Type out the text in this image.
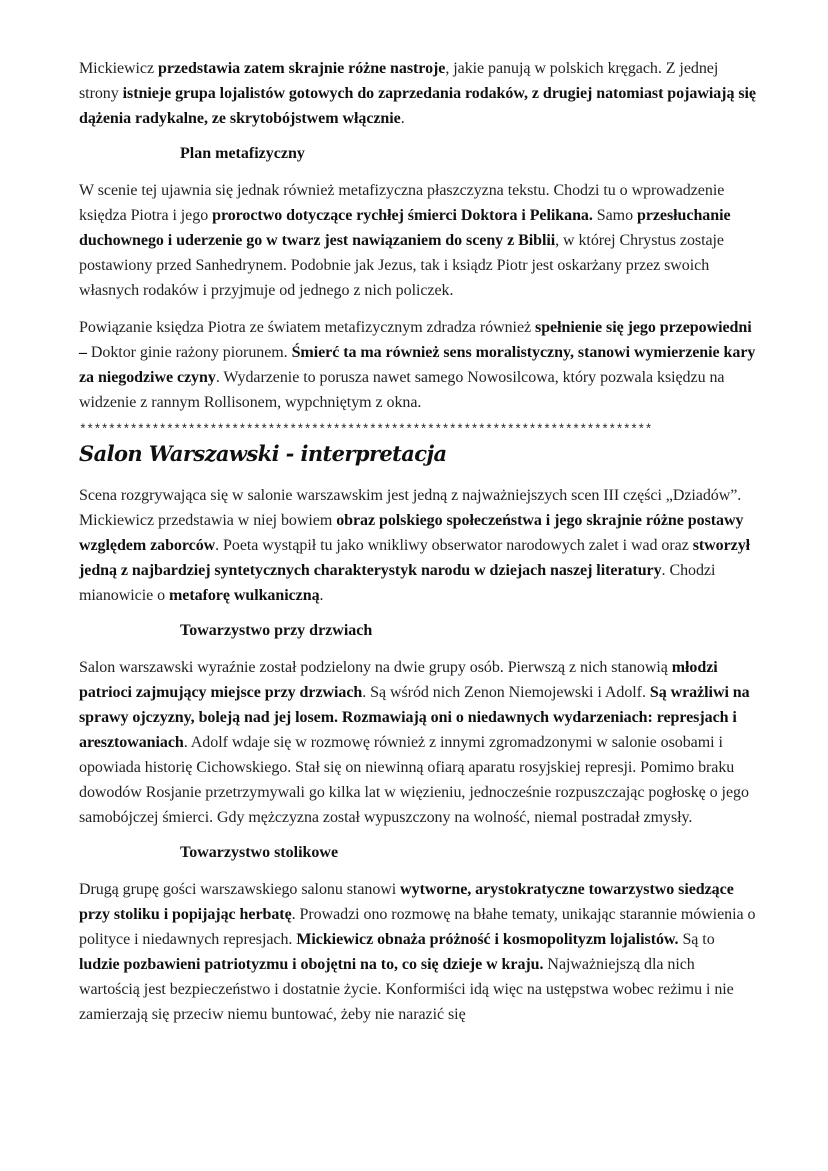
Mickiewicz przedstawia zatem skrajnie różne nastroje, jakie panują w polskich kręgach. Z jednej strony istnieje grupa lojalistów gotowych do zaprzedania rodaków, z drugiej natomiast pojawiają się dążenia radykalne, ze skrytobójstwem włącznie.

Plan metafizyczny

W scenie tej ujawnia się jednak również metafizyczna płaszczyzna tekstu. Chodzi tu o wprowadzenie księdza Piotra i jego proroctwo dotyczące rychłej śmierci Doktora i Pelikana. Samo przesłuchanie duchownego i uderzenie go w twarz jest nawiązaniem do sceny z Biblii, w której Chrystus zostaje postawiony przed Sanhedrynem. Podobnie jak Jezus, tak i ksiądz Piotr jest oskarżany przez swoich własnych rodaków i przyjmuje od jednego z nich policzek.

Powiązanie księdza Piotra ze światem metafizycznym zdradza również spełnienie się jego przepowiedni – Doktor ginie rażony piorunem. Śmierć ta ma również sens moralistyczny, stanowi wymierzenie kary za niegodziwe czyny. Wydarzenie to porusza nawet samego Nowosilcowa, który pozwala księdzu na widzenie z rannym Rollisonem, wypchniętym z okna.

*******************************************************************************
Salon Warszawski - interpretacja

Scena rozgrywająca się w salonie warszawskim jest jedną z najważniejszych scen III części „Dziadów”. Mickiewicz przedstawia w niej bowiem obraz polskiego społeczeństwa i jego skrajnie różne postawy względem zaborców. Poeta wystąpił tu jako wnikliwy obserwator narodowych zalet i wad oraz stworzył jedną z najbardziej syntetycznych charakterystyk narodu w dziejach naszej literatury. Chodzi mianowicie o metaforę wulkaniczną.

Towarzystwo przy drzwiach

Salon warszawski wyraźnie został podzielony na dwie grupy osób. Pierwszą z nich stanowią młodzi patrioci zajmujący miejsce przy drzwiach. Są wśród nich Zenon Niemojewski i Adolf. Są wrażliwi na sprawy ojczyzny, boleją nad jej losem. Rozmawiają oni o niedawnych wydarzeniach: represjach i aresztowaniach. Adolf wdaje się w rozmowę również z innymi zgromadzonymi w salonie osobami i opowiada historię Cichowskiego. Stał się on niewinną ofiarą aparatu rosyjskiej represji. Pomimo braku dowodów Rosjanie przetrzymywali go kilka lat w więzieniu, jednocześnie rozpuszczając pogłoskę o jego samobójczej śmierci. Gdy mężczyzna został wypuszczony na wolność, niemal postradał zmysły.

Towarzystwo stolikowe

Drugą grupę gości warszawskiego salonu stanowi wytworne, arystokratyczne towarzystwo siedzące przy stoliku i popijając herbatę. Prowadzi ono rozmowę na błahe tematy, unikając starannie mówienia o polityce i niedawnych represjach. Mickiewicz obnaża próżność i kosmopolityzm lojalistów. Są to ludzie pozbawieni patriotyzmu i obojętni na to, co się dzieje w kraju. Najważniejszą dla nich wartością jest bezpieczeństwo i dostatnie życie. Konformiści idą więc na ustępstwa wobec reżimu i nie zamierzają się przeciw niemu buntować, żeby nie narazić się
